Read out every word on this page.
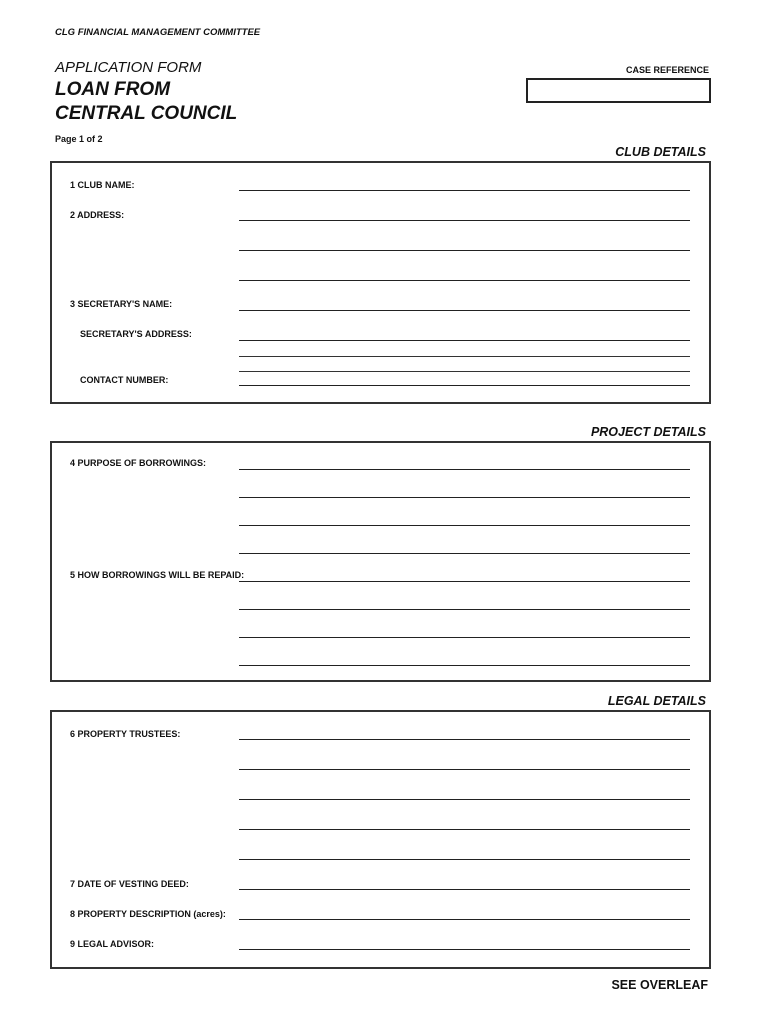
CLG FINANCIAL MANAGEMENT COMMITTEE
APPLICATION FORM
LOAN FROM
CENTRAL COUNCIL
Page 1 of 2
CASE REFERENCE
CLUB DETAILS
1 CLUB NAME:
2 ADDRESS:
3 SECRETARY'S NAME:
SECRETARY'S ADDRESS:
CONTACT NUMBER:
PROJECT DETAILS
4 PURPOSE OF BORROWINGS:
5 HOW BORROWINGS WILL BE REPAID:
LEGAL DETAILS
6 PROPERTY TRUSTEES:
7 DATE OF VESTING DEED:
8 PROPERTY DESCRIPTION (acres):
9 LEGAL ADVISOR:
SEE OVERLEAF
